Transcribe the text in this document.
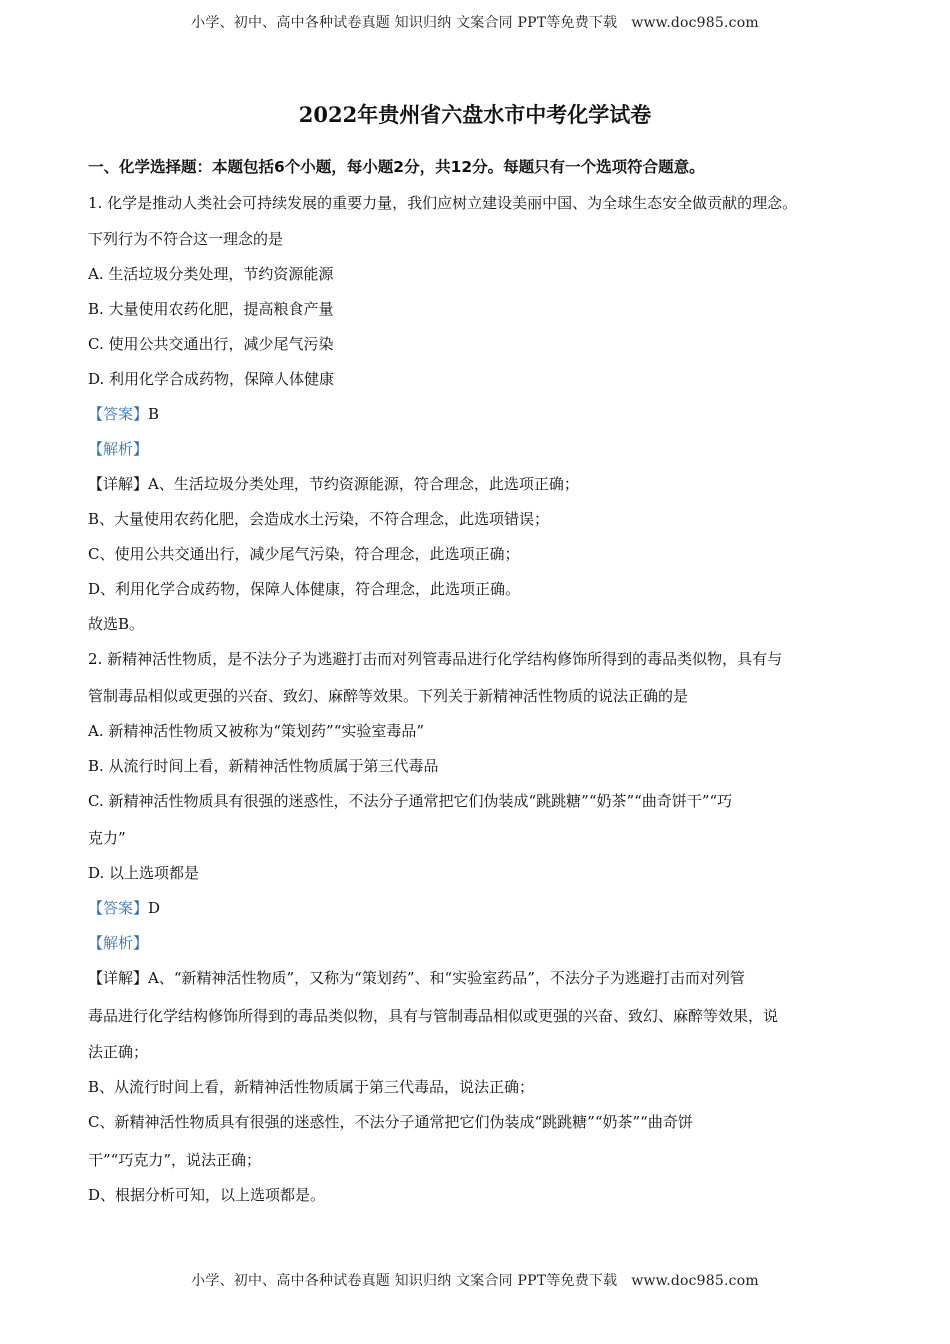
小学、初中、高中各种试卷真题 知识归纳 文案合同 PPT等免费下载 www.doc985.com
2022年贵州省六盘水市中考化学试卷
一、化学选择题：本题包括6个小题，每小题2分，共12分。每题只有一个选项符合题意。
1. 化学是推动人类社会可持续发展的重要力量，我们应树立建设美丽中国、为全球生态安全做贡献的理念。
下列行为不符合这一理念的是
A. 生活垃圾分类处理，节约资源能源
B. 大量使用农药化肥，提高粮食产量
C. 使用公共交通出行，减少尾气污染
D. 利用化学合成药物，保障人体健康
【答案】B
【解析】
【详解】A、生活垃圾分类处理，节约资源能源，符合理念，此选项正确；
B、大量使用农药化肥，会造成水土污染，不符合理念，此选项错误；
C、使用公共交通出行，减少尾气污染，符合理念，此选项正确；
D、利用化学合成药物，保障人体健康，符合理念，此选项正确。
故选B。
2. 新精神活性物质，是不法分子为逃避打击而对列管毒品进行化学结构修饰所得到的毒品类似物，具有与
管制毒品相似或更强的兴奋、致幻、麻醉等效果。下列关于新精神活性物质的说法正确的是
A. 新精神活性物质又被称为“策划药”“实验室毒品”
B. 从流行时间上看，新精神活性物质属于第三代毒品
C. 新精神活性物质具有很强的迷惑性，不法分子通常把它们伪装成“跳跳糖”“奶茶”“曲奇饼干”“巧
克力”
D. 以上选项都是
【答案】D
【解析】
【详解】A、“新精神活性物质”，又称为“策划药”、和“实验室药品”，不法分子为逃避打击而对列管
毒品进行化学结构修饰所得到的毒品类似物，具有与管制毒品相似或更强的兴奋、致幻、麻醉等效果，说
法正确；
B、从流行时间上看，新精神活性物质属于第三代毒品，说法正确；
C、新精神活性物质具有很强的迷惑性，不法分子通常把它们伪装成“跳跳糖”“奶茶”“曲奇饼
干”“巧克力”，说法正确；
D、根据分析可知，以上选项都是。
小学、初中、高中各种试卷真题 知识归纳 文案合同 PPT等免费下载 www.doc985.com
